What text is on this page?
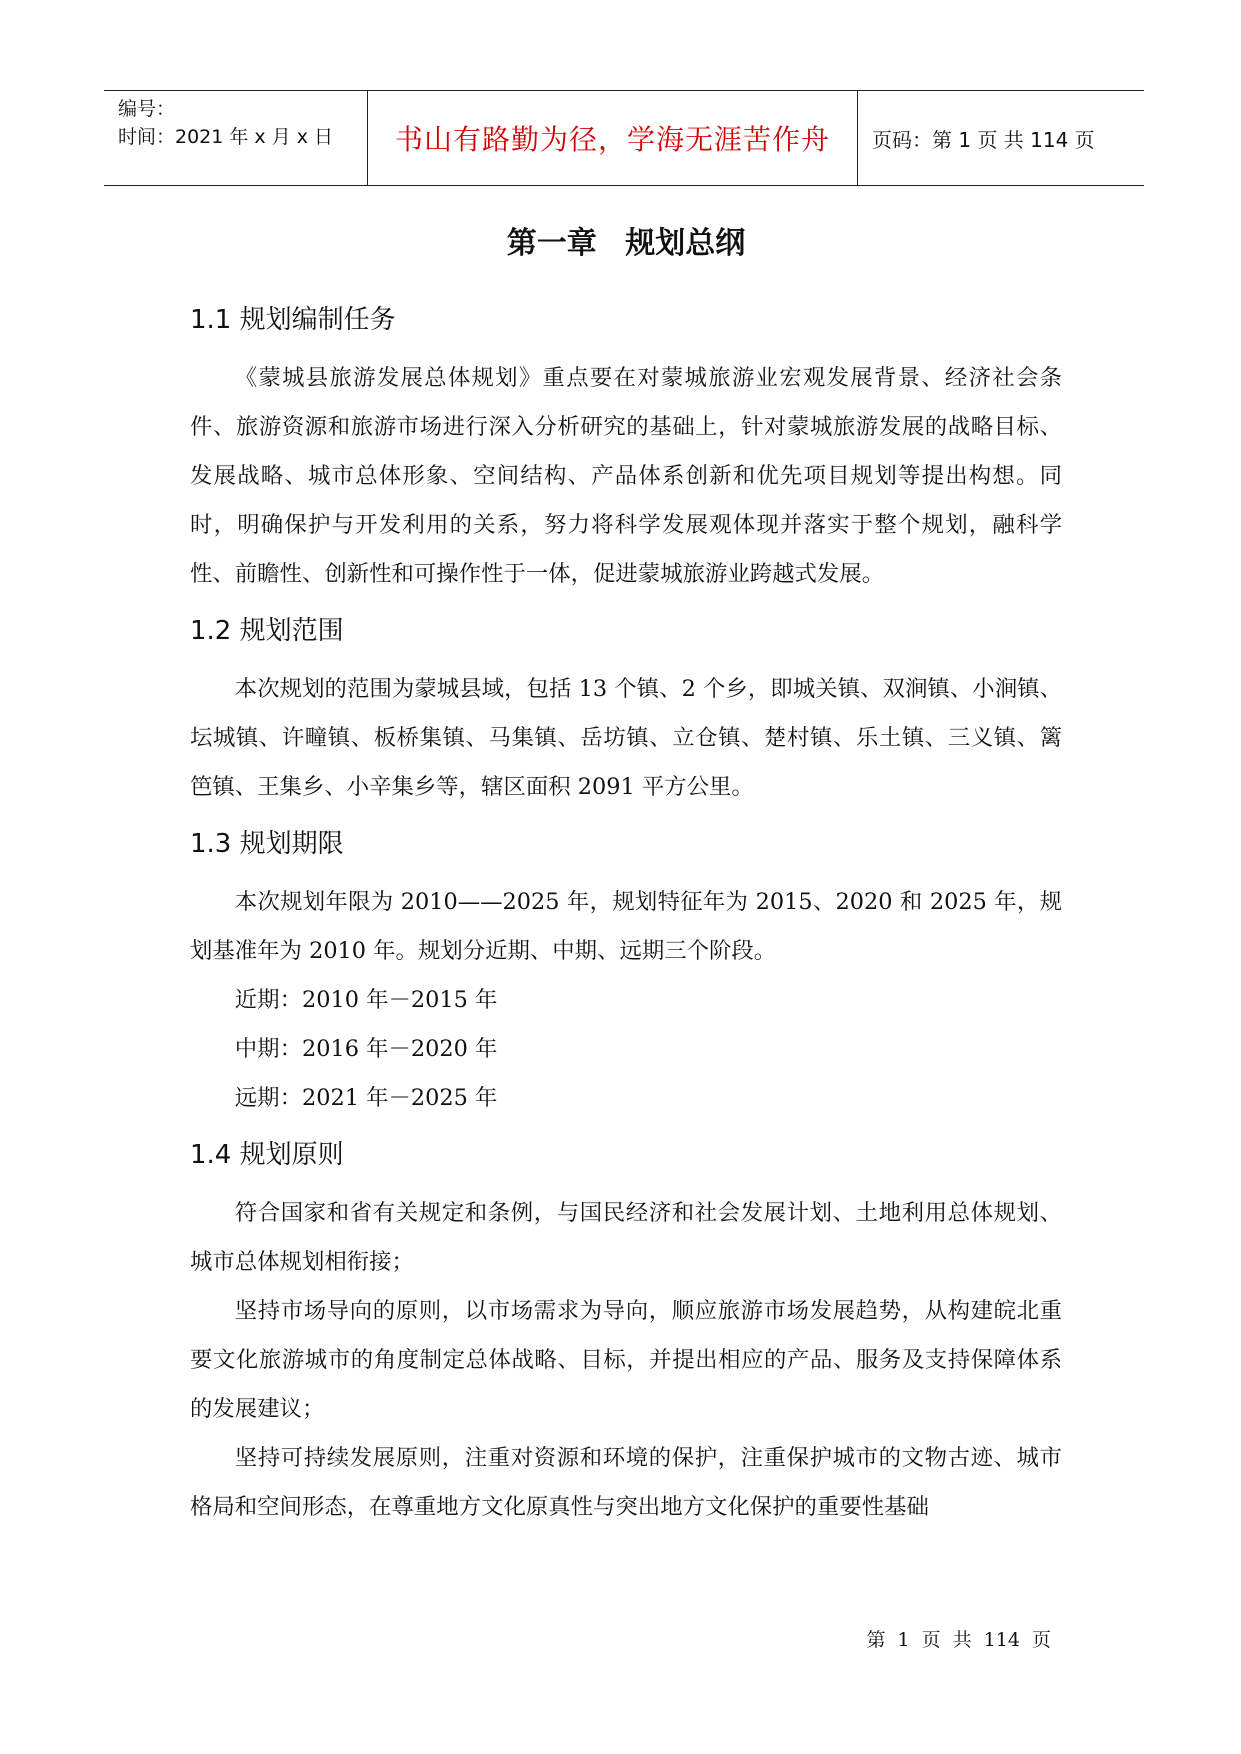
编号：
时间：2021 年 x 月 x 日	书山有路勤为径，学海无涯苦作舟 页码：第 1 页 共 114 页
第一章 规划总纲
1.1 规划编制任务

《蒙城县旅游发展总体规划》重点要在对蒙城旅游业宏观发展背景、经济社会条件、旅游资源和旅游市场进行深入分析研究的基础上，针对蒙城旅游发展的战略目标、发展战略、城市总体形象、空间结构、产品体系创新和优先项目规划等提出构想。同时，明确保护与开发利用的关系，努力将科学发展观体现并落实于整个规划，融科学性、前瞻性、创新性和可操作性于一体，促进蒙城旅游业跨越式发展。

1.2 规划范围

本次规划的范围为蒙城县域，包括 13 个镇、2 个乡，即城关镇、双涧镇、小涧镇、坛城镇、许疃镇、板桥集镇、马集镇、岳坊镇、立仓镇、楚村镇、乐土镇、三义镇、篱笆镇、王集乡、小辛集乡等，辖区面积 2091 平方公里。

1.3 规划期限

本次规划年限为 2010——2025 年，规划特征年为 2015、2020 和 2025 年，规划基准年为 2010 年。规划分近期、中期、远期三个阶段。

近期：2010 年－2015 年

中期：2016 年－2020 年

远期：2021 年－2025 年

1.4 规划原则

符合国家和省有关规定和条例，与国民经济和社会发展计划、土地利用总体规划、城市总体规划相衔接；

坚持市场导向的原则，以市场需求为导向，顺应旅游市场发展趋势，从构建皖北重要文化旅游城市的角度制定总体战略、目标，并提出相应的产品、服务及支持保障体系的发展建议；

坚持可持续发展原则，注重对资源和环境的保护，注重保护城市的文物古迹、城市格局和空间形态，在尊重地方文化原真性与突出地方文化保护的重要性基础

第 1 页 共 114 页
